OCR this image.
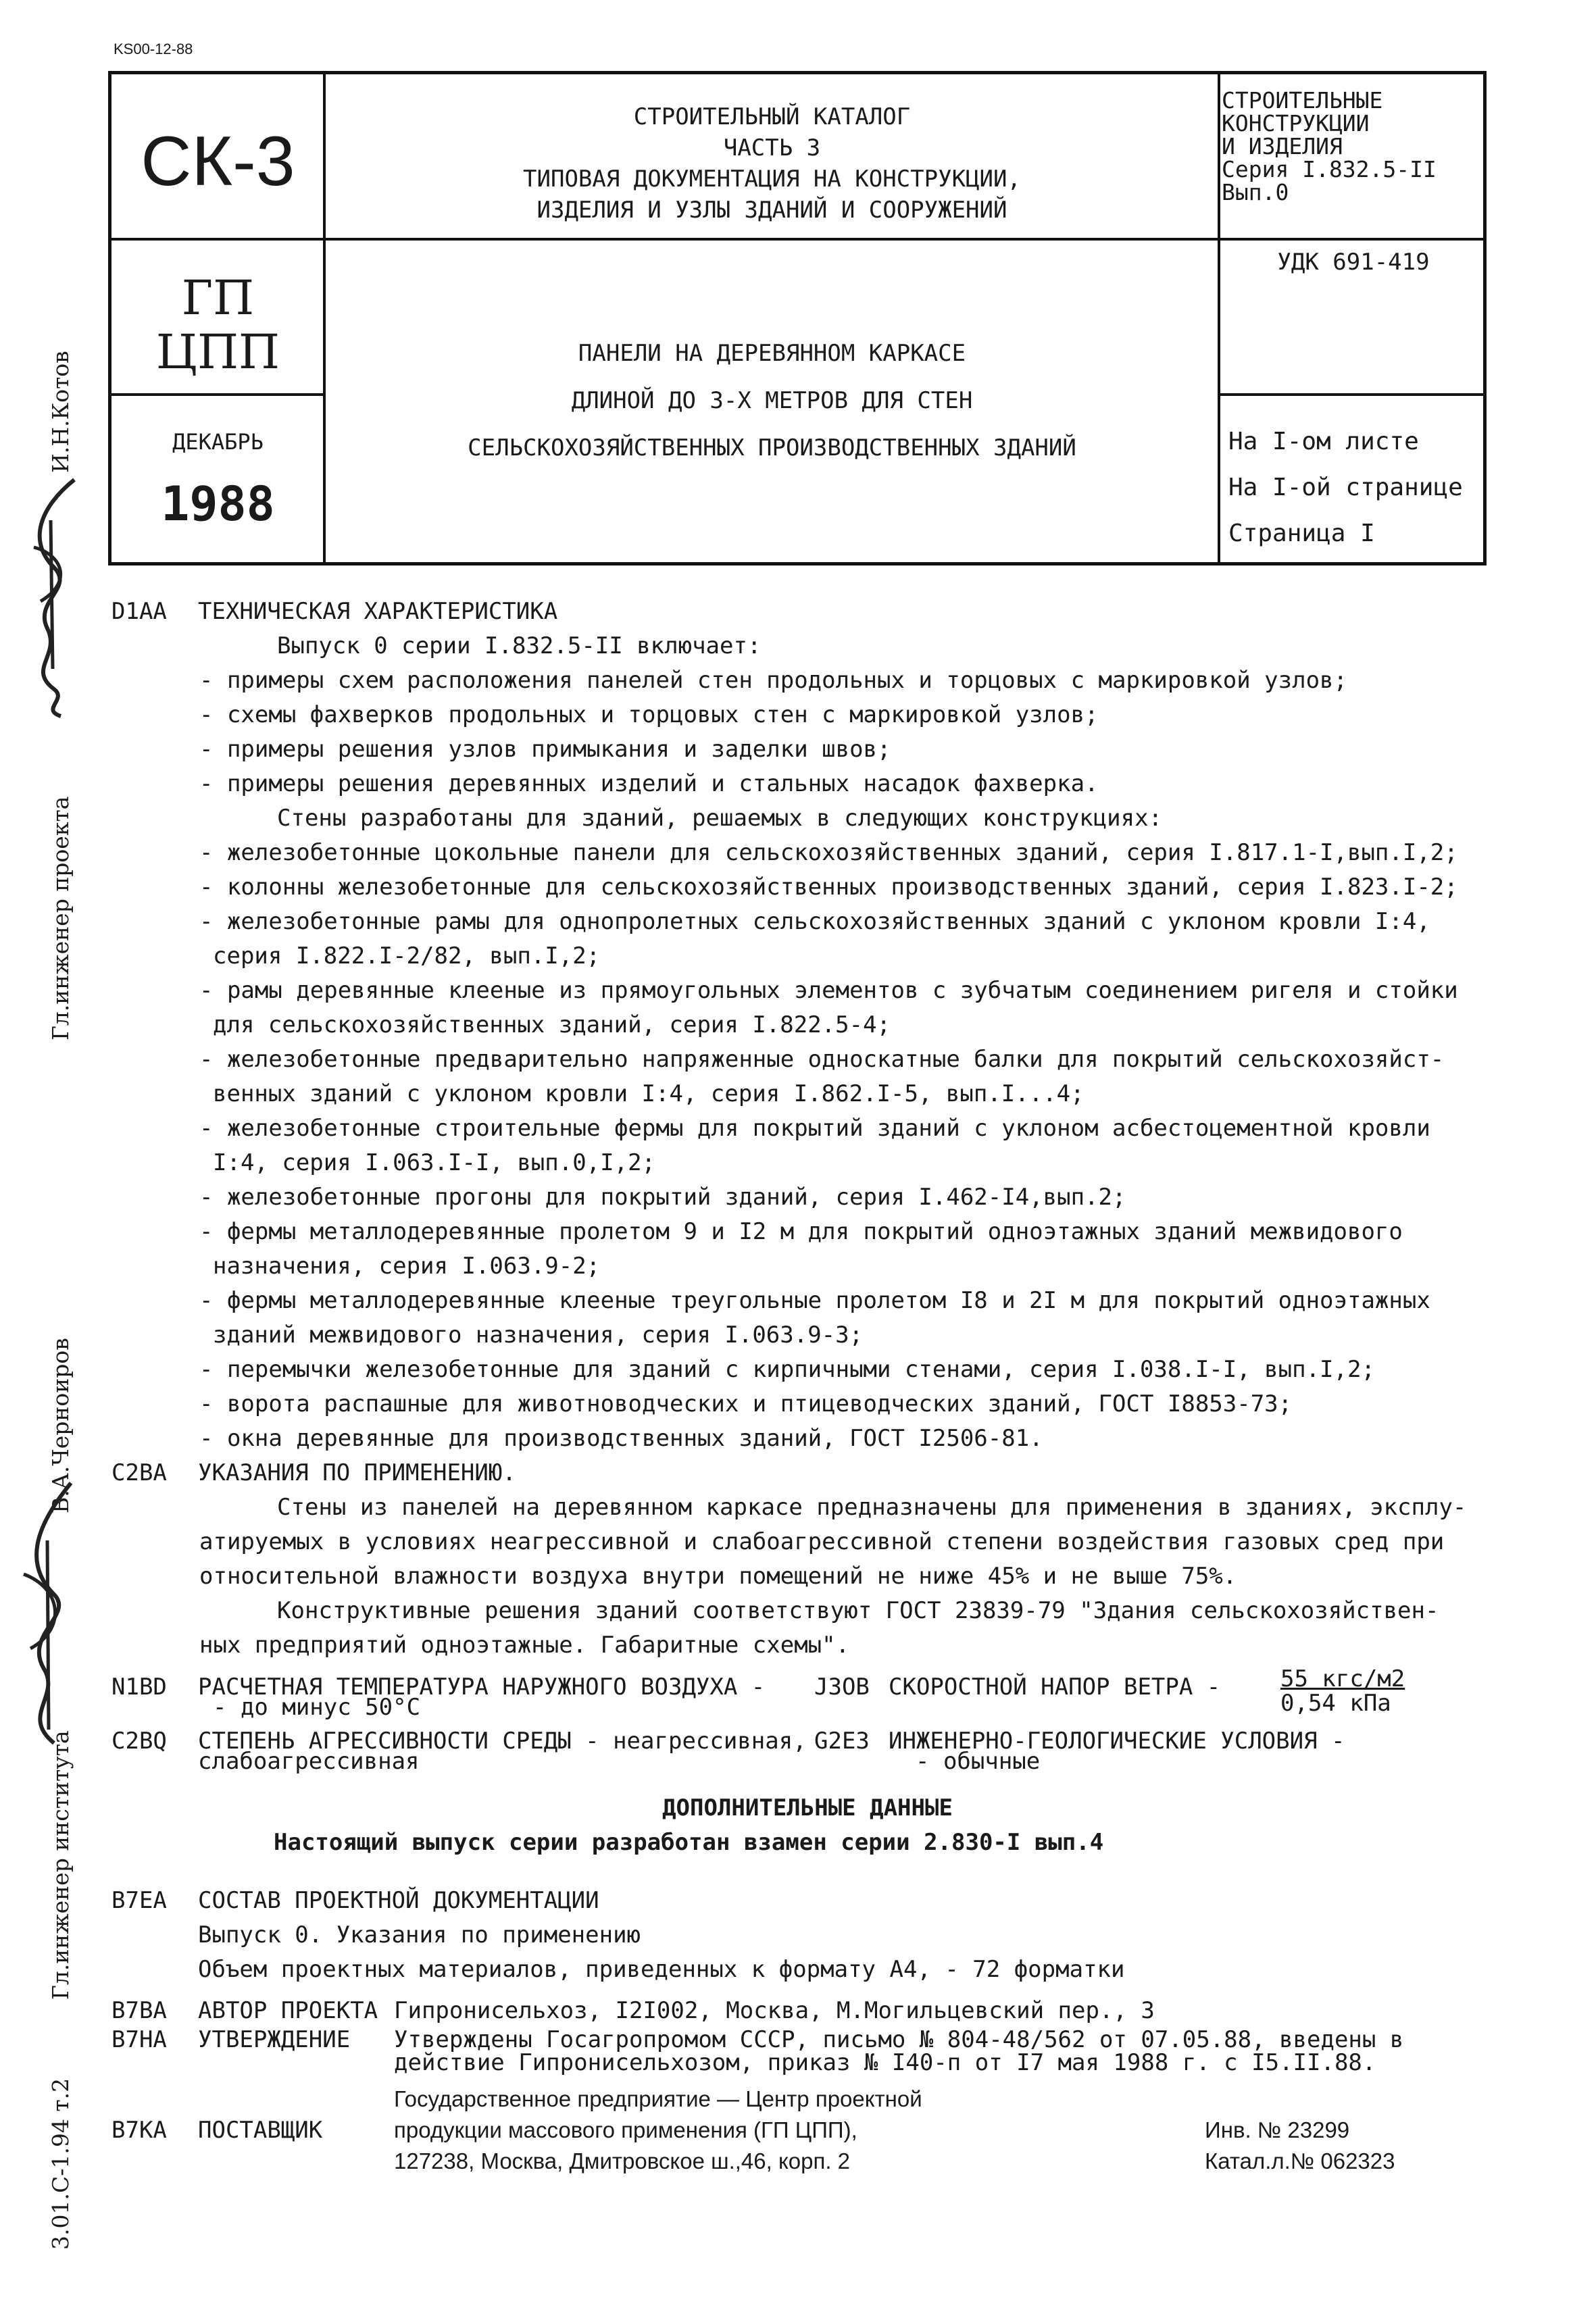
KS00-12-88
СК-3
ГП
ЦПП
ДЕКАБРЬ
1988
СТРОИТЕЛЬНЫЙ КАТАЛОГ
ЧАСТЬ 3
ТИПОВАЯ ДОКУМЕНТАЦИЯ НА КОНСТРУКЦИИ,
ИЗДЕЛИЯ И УЗЛЫ ЗДАНИЙ И СООРУЖЕНИЙ
ПАНЕЛИ НА ДЕРЕВЯННОМ КАРКАСЕ
ДЛИНОЙ ДО 3-Х МЕТРОВ ДЛЯ СТЕН
СЕЛЬСКОХОЗЯЙСТВЕННЫХ ПРОИЗВОДСТВЕННЫХ ЗДАНИЙ
СТРОИТЕЛЬНЫЕ
КОНСТРУКЦИИ
И ИЗДЕЛИЯ
Серия I.832.5-II
Вып.0
УДК 691-419
На I-ом листе
На I-ой странице
Страница I
И.Н.Котов
Гл.инженер проекта
В.А.Черноиров
Гл.инженер института
3.01.С-1.94 т.2
D1AA	ТЕХНИЧЕСКАЯ ХАРАКТЕРИСТИКА
Выпуск 0 серии I.832.5-II включает:
- примеры схем расположения панелей стен продольных и торцовых с маркировкой узлов;
- схемы фахверков продольных и торцовых стен с маркировкой узлов;
- примеры решения узлов примыкания и заделки швов;
- примеры решения деревянных изделий и стальных насадок фахверка.
Стены разработаны для зданий, решаемых в следующих конструкциях:
- железобетонные цокольные панели для сельскохозяйственных зданий, серия I.817.1-I,вып.I,2;
- колонны железобетонные для сельскохозяйственных производственных зданий, серия I.823.I-2;
- железобетонные рамы для однопролетных сельскохозяйственных зданий с уклоном кровли I:4,
серия I.822.I-2/82, вып.I,2;
- рамы деревянные клееные из прямоугольных элементов с зубчатым соединением ригеля и стойки
для сельскохозяйственных зданий, серия I.822.5-4;
- железобетонные предварительно напряженные односкатные балки для покрытий сельскохозяйст-
венных зданий с уклоном кровли I:4, серия I.862.I-5, вып.I...4;
- железобетонные строительные фермы для покрытий зданий с уклоном асбестоцементной кровли
I:4, серия I.063.I-I, вып.0,I,2;
- железобетонные прогоны для покрытий зданий, серия I.462-I4,вып.2;
- фермы металлодеревянные пролетом 9 и I2 м для покрытий одноэтажных зданий межвидового
назначения, серия I.063.9-2;
- фермы металлодеревянные клееные треугольные пролетом I8 и 2I м для покрытий одноэтажных
зданий межвидового назначения, серия I.063.9-3;
- перемычки железобетонные для зданий с кирпичными стенами, серия I.038.I-I, вып.I,2;
- ворота распашные для животноводческих и птицеводческих зданий, ГОСТ I8853-73;
- окна деревянные для производственных зданий, ГОСТ I2506-81.
C2BA	УКАЗАНИЯ ПО ПРИМЕНЕНИЮ.
Стены из панелей на деревянном каркасе предназначены для применения в зданиях, эксплу-
атируемых в условиях неагрессивной и слабоагрессивной степени воздействия газовых сред при
относительной влажности воздуха внутри помещений не ниже 45% и не выше 75%.
Конструктивные решения зданий соответствуют ГОСТ 23839-79 "Здания сельскохозяйствен-
ных предприятий одноэтажные. Габаритные схемы".
N1BD РАСЧЕТНАЯ ТЕМПЕРАТУРА НАРУЖНОГО ВОЗДУХА -
- до минус 50°С
J3OB СКОРОСТНОЙ НАПОР ВЕТРА -	55 кгс/м2
0,54 кПа
C2BQ СТЕПЕНЬ АГРЕССИВНОСТИ СРЕДЫ - неагрессивная,
слабоагрессивная
G2E3 ИНЖЕНЕРНО-ГЕОЛОГИЧЕСКИЕ УСЛОВИЯ -
- обычные
ДОПОЛНИТЕЛЬНЫЕ ДАННЫЕ
Настоящий выпуск серии разработан взамен серии 2.830-I вып.4
B7EA	СОСТАВ ПРОЕКТНОЙ ДОКУМЕНТАЦИИ
Выпуск 0. Указания по применению
Объем проектных материалов, приведенных к формату А4, - 72 форматки
B7BA	АВТОР ПРОЕКТА Гипронисельхоз, I2I002, Москва, М.Могильцевский пер., 3
B7HA	УТВЕРЖДЕНИЕ	Утверждены Госагропромом СССР, письмо № 804-48/562 от 07.05.88, введены в
действие Гипронисельхозом, приказ № I40-п от I7 мая 1988 г. с I5.II.88.
B7KA	ПОСТАВЩИК
Государственное предприятие — Центр проектной
продукции массового применения (ГП ЦПП),
127238, Москва, Дмитровское ш.,46, корп. 2
Инв. № 23299
Катал.л.№ 062323
